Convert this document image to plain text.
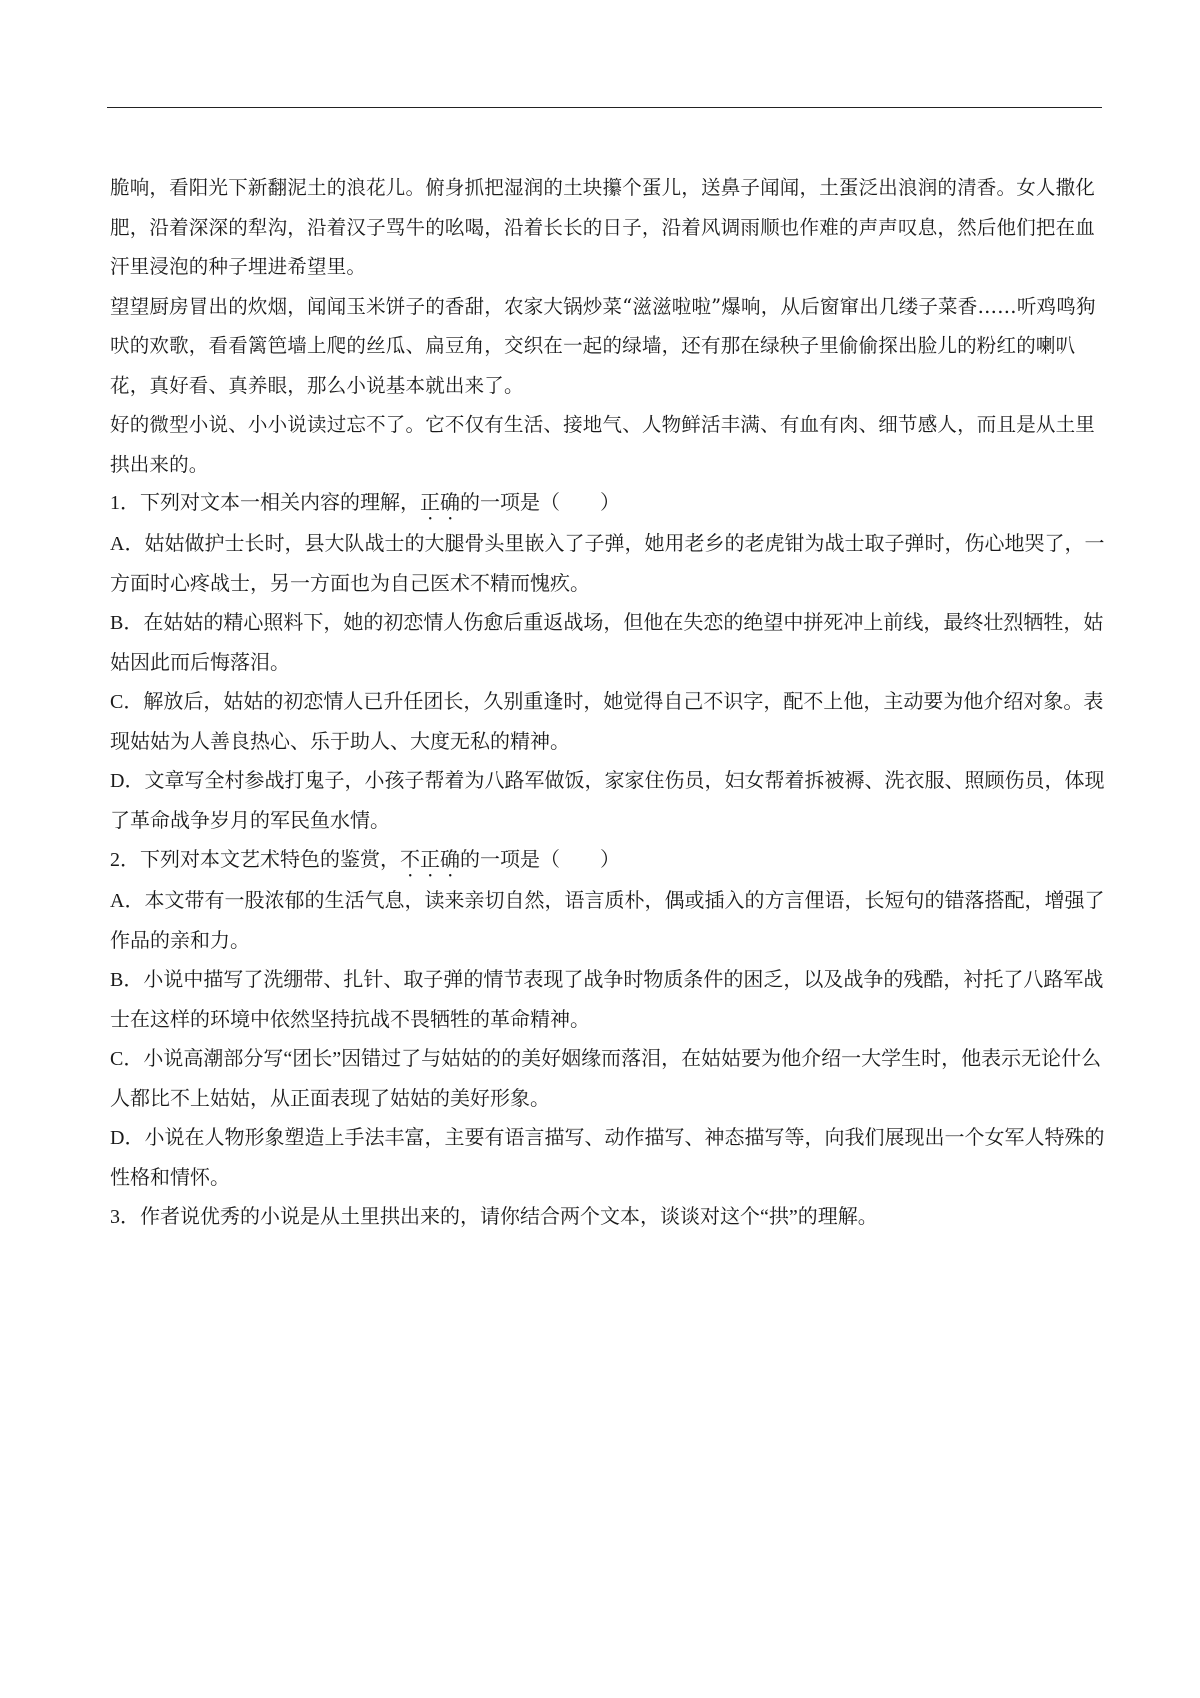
脆响，看阳光下新翻泥土的浪花儿。俯身抓把湿润的土块攥个蛋儿，送鼻子闻闻，土蛋泛出浪润的清香。女人撒化肥，沿着深深的犁沟，沿着汉子骂牛的吆喝，沿着长长的日子，沿着风调雨顺也作难的声声叹息，然后他们把在血汗里浸泡的种子埋进希望里。

望望厨房冒出的炊烟，闻闻玉米饼子的香甜，农家大锅炒菜“滋滋啦啦”爆响，从后窗窜出几缕子菜香……听鸡鸣狗吠的欢歌，看看篱笆墙上爬的丝瓜、扁豆角，交织在一起的绿墙，还有那在绿秧子里偷偷探出脸儿的粉红的喇叭花，真好看、真养眼，那么小说基本就出来了。

好的微型小说、小小说读过忘不了。它不仅有生活、接地气、人物鲜活丰满、有血有肉、细节感人，而且是从土里拱出来的。

1．下列对文本一相关内容的理解，正确的一项是（　　）

A．姑姑做护士长时，县大队战士的大腿骨头里嵌入了子弹，她用老乡的老虎钳为战士取子弹时，伤心地哭了，一方面时心疼战士，另一方面也为自己医术不精而愧疚。

B．在姑姑的精心照料下，她的初恋情人伤愈后重返战场，但他在失恋的绝望中拼死冲上前线，最终壮烈牺牲，姑姑因此而后悔落泪。

C．解放后，姑姑的初恋情人已升任团长，久别重逢时，她觉得自己不识字，配不上他，主动要为他介绍对象。表现姑姑为人善良热心、乐于助人、大度无私的精神。

D．文章写全村参战打鬼子，小孩子帮着为八路军做饭，家家住伤员，妇女帮着拆被褥、洗衣服、照顾伤员，体现了革命战争岁月的军民鱼水情。

2．下列对本文艺术特色的鉴赏，不正确的一项是（　　）

A．本文带有一股浓郁的生活气息，读来亲切自然，语言质朴，偶或插入的方言俚语，长短句的错落搭配，增强了作品的亲和力。

B．小说中描写了洗绷带、扎针、取子弹的情节表现了战争时物质条件的困乏，以及战争的残酷，衬托了八路军战士在这样的环境中依然坚持抗战不畏牺牲的革命精神。

C．小说高潮部分写“团长”因错过了与姑姑的的美好姻缘而落泪，在姑姑要为他介绍一大学生时，他表示无论什么人都比不上姑姑，从正面表现了姑姑的美好形象。

D．小说在人物形象塑造上手法丰富，主要有语言描写、动作描写、神态描写等，向我们展现出一个女军人特殊的性格和情怀。

3．作者说优秀的小说是从土里拱出来的，请你结合两个文本，谈谈对这个“拱”的理解。
